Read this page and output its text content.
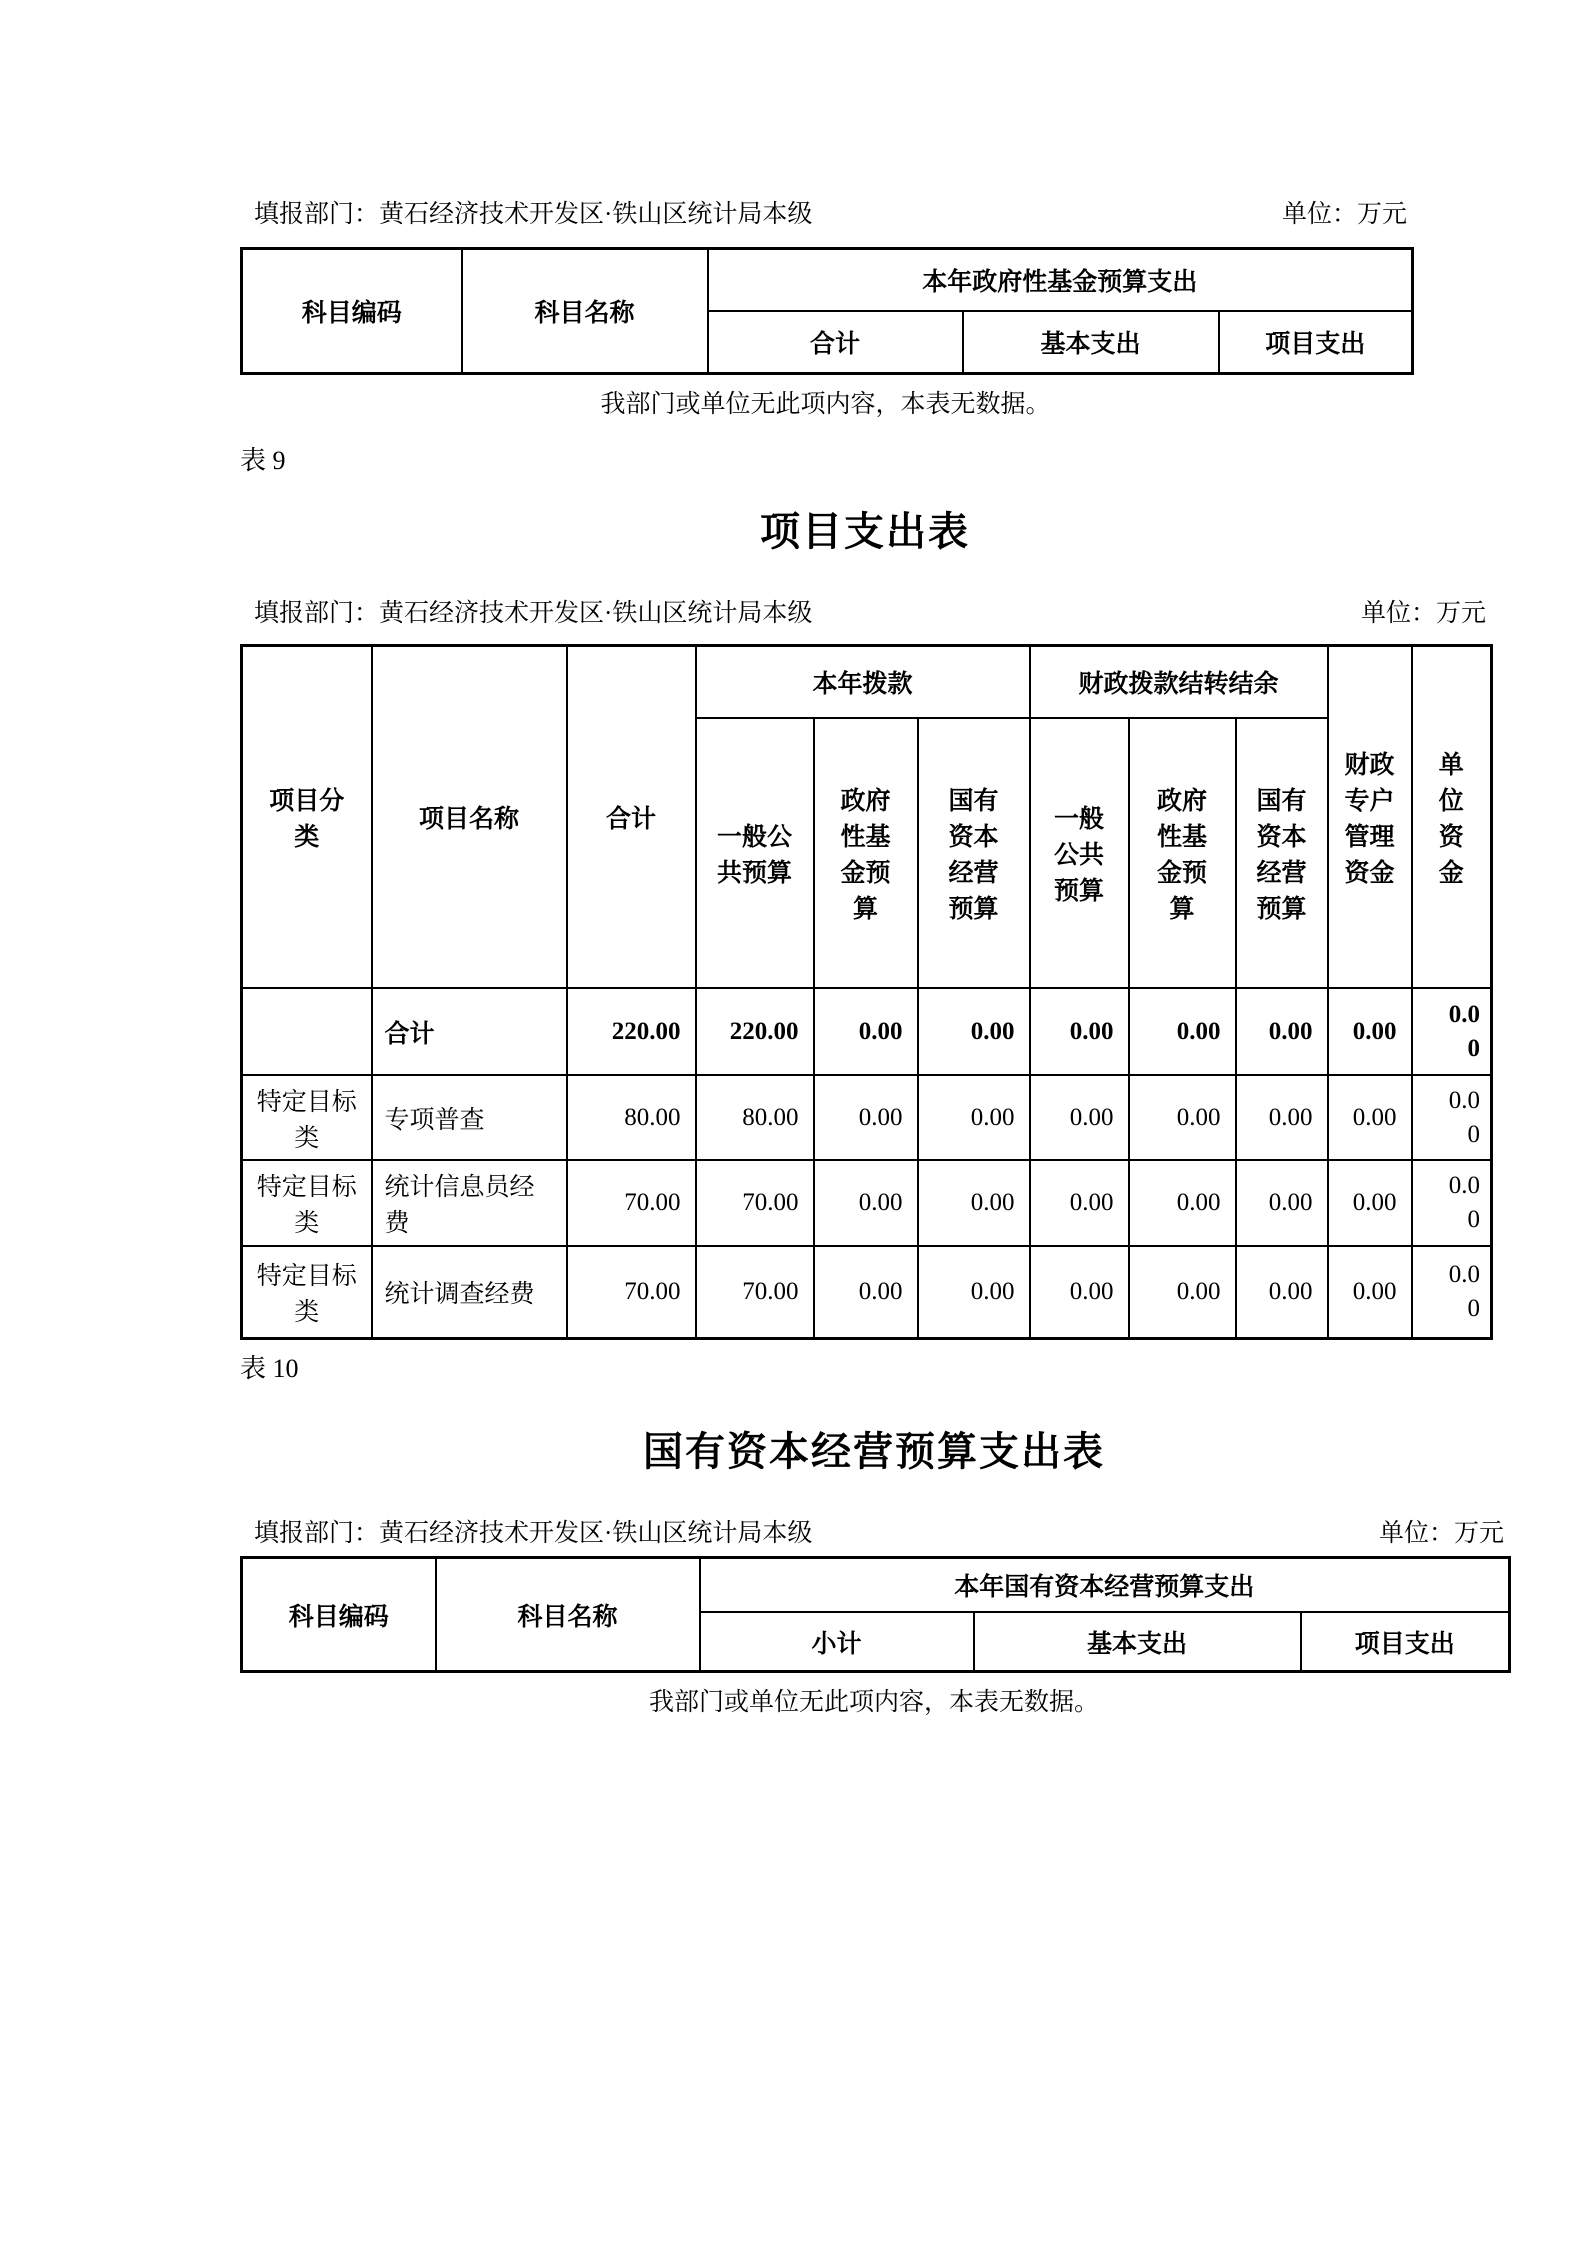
填报部门：黄石经济技术开发区·铁山区统计局本级	单位：万元
科目编码	科目名称	本年政府性基金预算支出		
		合计	基本支出	项目支出
我部门或单位无此项内容，本表无数据。
表 9
项目支出表
填报部门：黄石经济技术开发区·铁山区统计局本级	单位：万元
项目分类	项目名称	合计	本年拨款			财政拨款结转结余			财政专户管理资金	单位资金
			一般公共预算	政府性基金预算	国有资本经营预算	一般公共预算	政府性基金预算	国有资本经营预算		
	合计	220.00	220.00	0.00	0.00	0.00	0.00	0.00	0.00	0.00
特定目标类	专项普查	80.00	80.00	0.00	0.00	0.00	0.00	0.00	0.00	0.00
特定目标类	统计信息员经费	70.00	70.00	0.00	0.00	0.00	0.00	0.00	0.00	0.00
特定目标类	统计调查经费	70.00	70.00	0.00	0.00	0.00	0.00	0.00	0.00	0.00
表 10
国有资本经营预算支出表
填报部门：黄石经济技术开发区·铁山区统计局本级	单位：万元
科目编码	科目名称	本年国有资本经营预算支出		
		小计	基本支出	项目支出
我部门或单位无此项内容，本表无数据。
